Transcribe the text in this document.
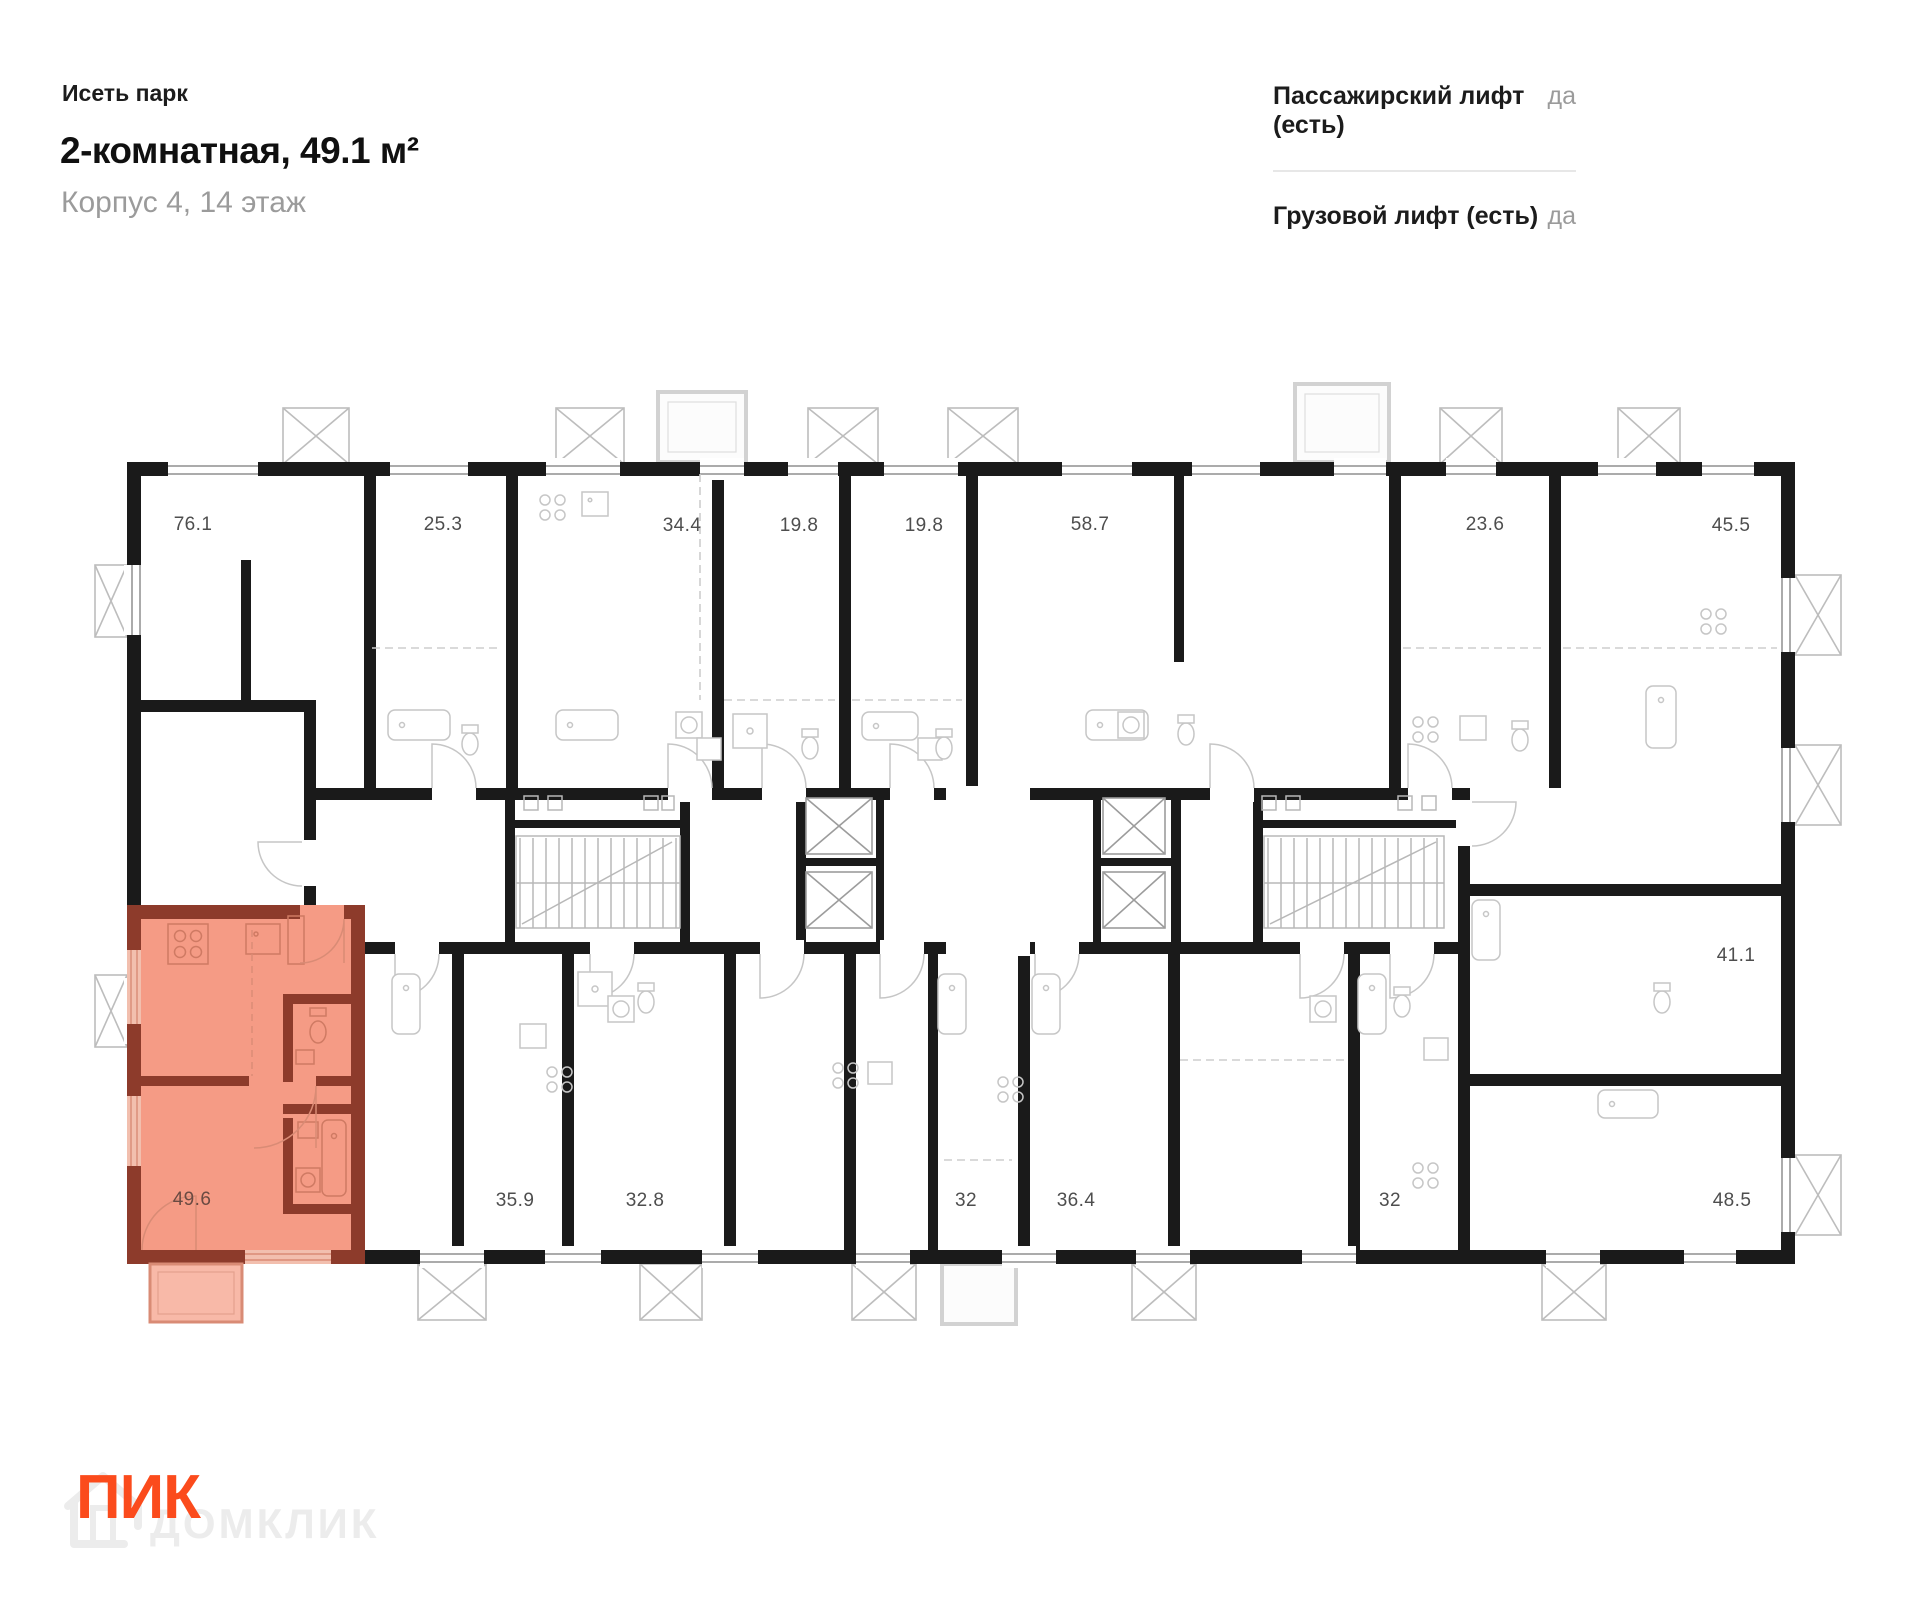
Исеть парк
2-комнатная, 49.1 м²
Корпус 4, 14 этаж
Пассажирский лифт (есть)
да
Грузовой лифт (есть) да
76.1	25.3	34.4	19.8	19.8	58.7	23.6	45.5
41.1
49.6	35.9	32.8	32	36.4	32	48.5
ДОМКЛИК
ПИК
